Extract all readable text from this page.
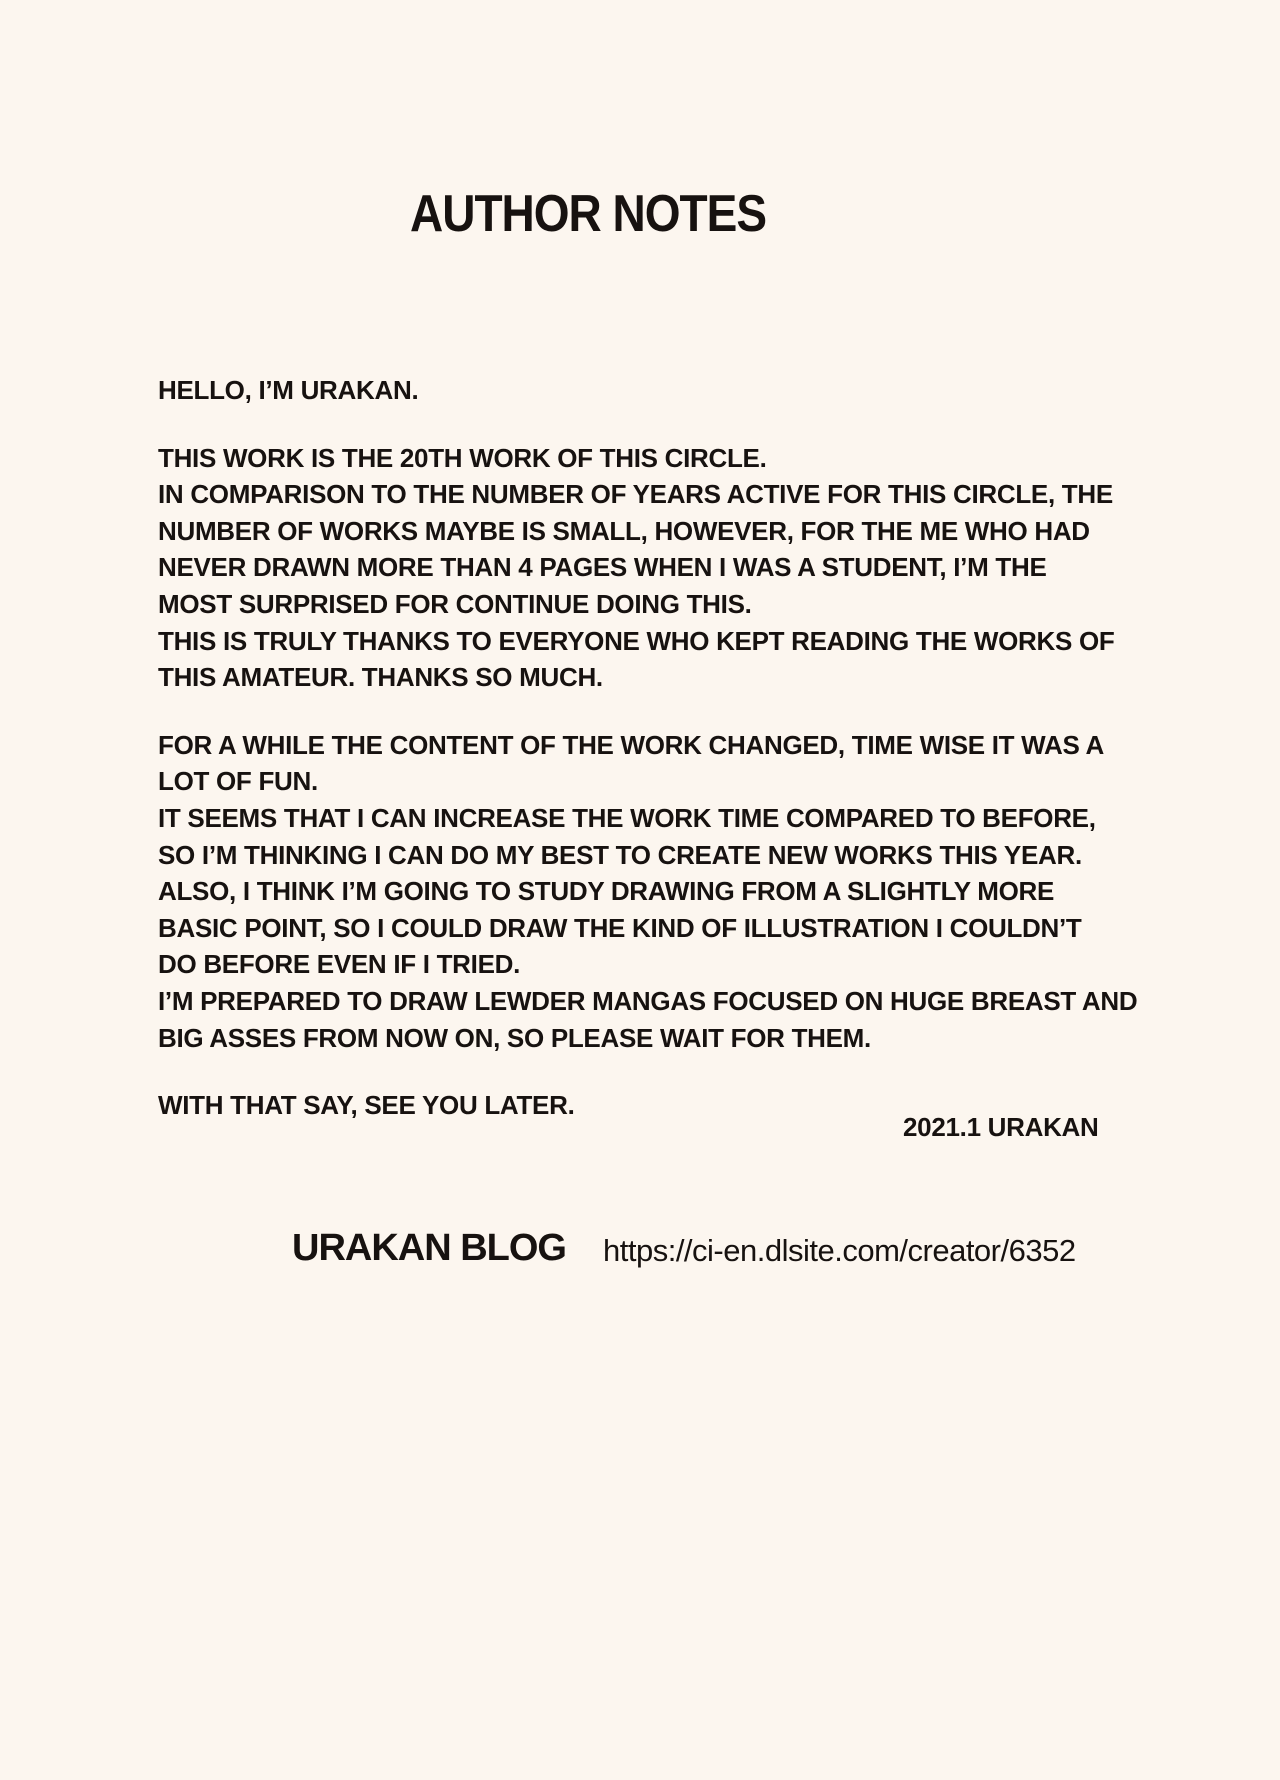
AUTHOR NOTES
HELLO, I’M URAKAN.
THIS WORK IS THE 20TH WORK OF THIS CIRCLE.
IN COMPARISON TO THE NUMBER OF YEARS ACTIVE FOR THIS CIRCLE, THE
NUMBER OF WORKS MAYBE IS SMALL, HOWEVER, FOR THE ME WHO HAD
NEVER DRAWN MORE THAN 4 PAGES WHEN I WAS A STUDENT, I’M THE
MOST SURPRISED FOR CONTINUE DOING THIS.
THIS IS TRULY THANKS TO EVERYONE WHO KEPT READING THE WORKS OF
THIS AMATEUR. THANKS SO MUCH.
FOR A WHILE THE CONTENT OF THE WORK CHANGED, TIME WISE IT WAS A
LOT OF FUN.
IT SEEMS THAT I CAN INCREASE THE WORK TIME COMPARED TO BEFORE,
SO I’M THINKING I CAN DO MY BEST TO CREATE NEW WORKS THIS YEAR.
ALSO, I THINK I’M GOING TO STUDY DRAWING FROM A SLIGHTLY MORE
BASIC POINT, SO I COULD DRAW THE KIND OF ILLUSTRATION I COULDN’T
DO BEFORE EVEN IF I TRIED.
I’M PREPARED TO DRAW LEWDER MANGAS FOCUSED ON HUGE BREAST AND
BIG ASSES FROM NOW ON, SO PLEASE WAIT FOR THEM.
WITH THAT SAY, SEE YOU LATER.
2021.1 URAKAN
URAKAN BLOG https://ci-en.dlsite.com/creator/6352
